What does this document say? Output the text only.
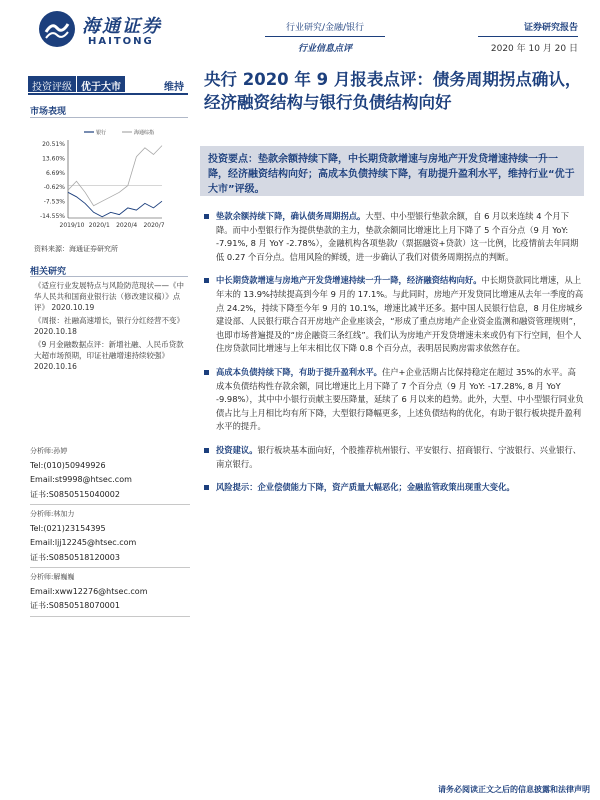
海通证券
HAITONG
行业研究/金融/银行
行业信息点评
证券研究报告
2020 年 10 月 20 日
投资评级 优于大市	维持
市场表现
20.51%
13.60%
6.69%
-0.62%
-7.53%
-14.55%
2019/10 2020/1 2020/4 2020/7
银行	海通综指
资料来源：海通证券研究所
相关研究

《适应行业发展特点与风险防范现状——《中华人民共和国商业银行法（修改建议稿）》点评》 2020.10.19

《周报：社融高速增长，银行分红经营不变》2020.10.18

《9 月金融数据点评：新增社融、人民币贷款大超市场预期，印证社融增速持续较强》2020.10.16

分析师:孙婷
Tel:(010)50949926
Email:st9998@htsec.com
证书:S0850515040002
分析师:林加力
Tel:(021)23154395
Email:ljj12245@htsec.com
证书:S0850518120003
分析师:解巍巍
Email:xww12276@htsec.com
证书:S0850518070001
央行 2020 年 9 月报表点评：债务周期拐点确认，经济融资结构与银行负债结构向好
投资要点：垫款余额持续下降，中长期贷款增速与房地产开发贷增速持续一升一降，经济融资结构向好；高成本负债持续下降，有助提升盈利水平，维持行业“优于大市”评级。
垫款余额持续下降，确认债务周期拐点。大型、中小型银行垫款余额，自 6 月以来连续 4 个月下降。而中小型银行作为提供垫款的主力，垫款余额同比增速比上月下降了 5 个百分点（9 月 YoY: -7.91%, 8 月 YoY -2.78%），金融机构各项垫款/（票据融资+贷款）这一比例，比疫情前去年同期低 0.27 个百分点。信用风险的鲜缓，进一步确认了我们对债务周期拐点的判断。
中长期贷款增速与房地产开发贷增速持续一升一降，经济融资结构向好。中长期贷款同比增速，从上年末的 13.9%持续提高到今年 9 月的 17.1%。与此同时，房地产开发贷同比增速从去年一季度的高点 24.2%，持续下降至今年 9 月的 10.1%，增速比减半还多。据中国人民银行信息，8 月住房城乡建设部、人民银行联合召开房地产企业座谈会，“形成了重点房地产企业资金监测和融资管理规则”，也即市场普遍提及的“房企融资三条红线”。我们认为房地产开发贷增速未来或仍有下行空间，但个人住房贷款同比增速与上年末相比仅下降 0.8 个百分点，表明居民购房需求依然存在。
高成本负债持续下降，有助于提升盈利水平。住户+企业活期占比保持稳定在超过 35%的水平。高成本负债结构性存款余额，同比增速比上月下降了 7 个百分点（9 月 YoY: -17.28%, 8 月 YoY -9.98%），其中中小银行贡献主要压降量，延续了 6 月以来的趋势。此外，大型、中小型银行同业负债占比与上月相比均有所下降，大型银行降幅更多，上述负债结构的优化，有助于银行板块提升盈利水平的提升。
投资建议。银行板块基本面向好，个股推荐杭州银行、平安银行、招商银行、宁波银行、兴业银行、南京银行。
风险提示：企业偿债能力下降，资产质量大幅恶化；金融监管政策出现重大变化。
请务必阅读正文之后的信息披露和法律声明
